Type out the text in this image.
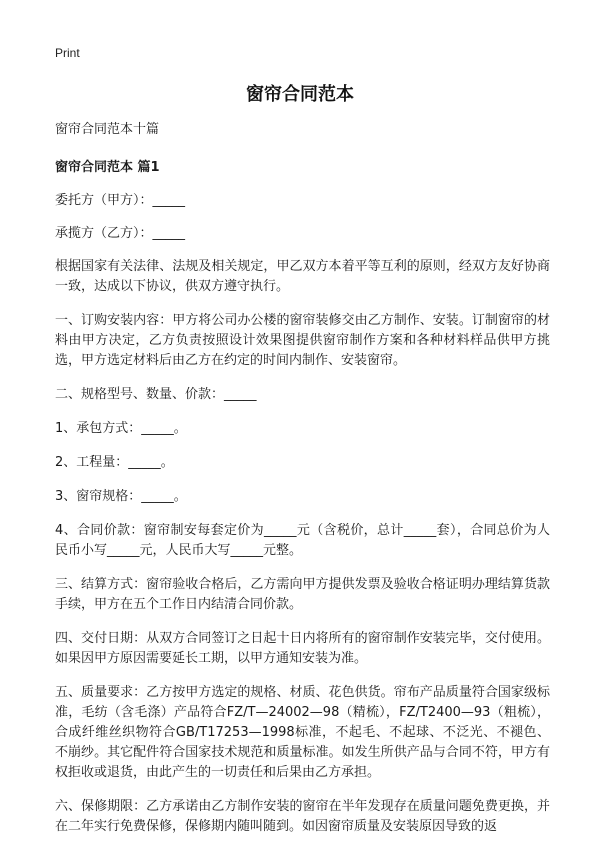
Print
窗帘合同范本

窗帘合同范本十篇

窗帘合同范本 篇1

委托方（甲方）：_____

承揽方（乙方）：_____

根据国家有关法律、法规及相关规定，甲乙双方本着平等互利的原则，经双方友好协商一致，达成以下协议，供双方遵守执行。

一、订购安装内容：甲方将公司办公楼的窗帘装修交由乙方制作、安装。订制窗帘的材料由甲方决定，乙方负责按照设计效果图提供窗帘制作方案和各种材料样品供甲方挑选，甲方选定材料后由乙方在约定的时间内制作、安装窗帘。

二、规格型号、数量、价款：_____

1、承包方式：_____。

2、工程量：_____。

3、窗帘规格：_____。

4、合同价款：窗帘制安每套定价为_____元（含税价，总计_____套），合同总价为人民币小写_____元，人民币大写_____元整。

三、结算方式：窗帘验收合格后，乙方需向甲方提供发票及验收合格证明办理结算货款手续，甲方在五个工作日内结清合同价款。

四、交付日期：从双方合同签订之日起十日内将所有的窗帘制作安装完毕，交付使用。如果因甲方原因需要延长工期，以甲方通知安装为准。

五、质量要求：乙方按甲方选定的规格、材质、花色供货。帘布产品质量符合国家级标准，毛纺（含毛涤）产品符合FZ/T—24002—98（精梳），FZ/T2400—93（粗梳），合成纤维丝织物符合GB/T17253—1998标准，不起毛、不起球、不泛光、不褪色、不崩纱。其它配件符合国家技术规范和质量标准。如发生所供产品与合同不符，甲方有权拒收或退货，由此产生的一切责任和后果由乙方承担。

六、保修期限：乙方承诺由乙方制作安装的窗帘在半年发现存在质量问题免费更换，并在二年实行免费保修，保修期内随叫随到。如因窗帘质量及安装原因导致的返
